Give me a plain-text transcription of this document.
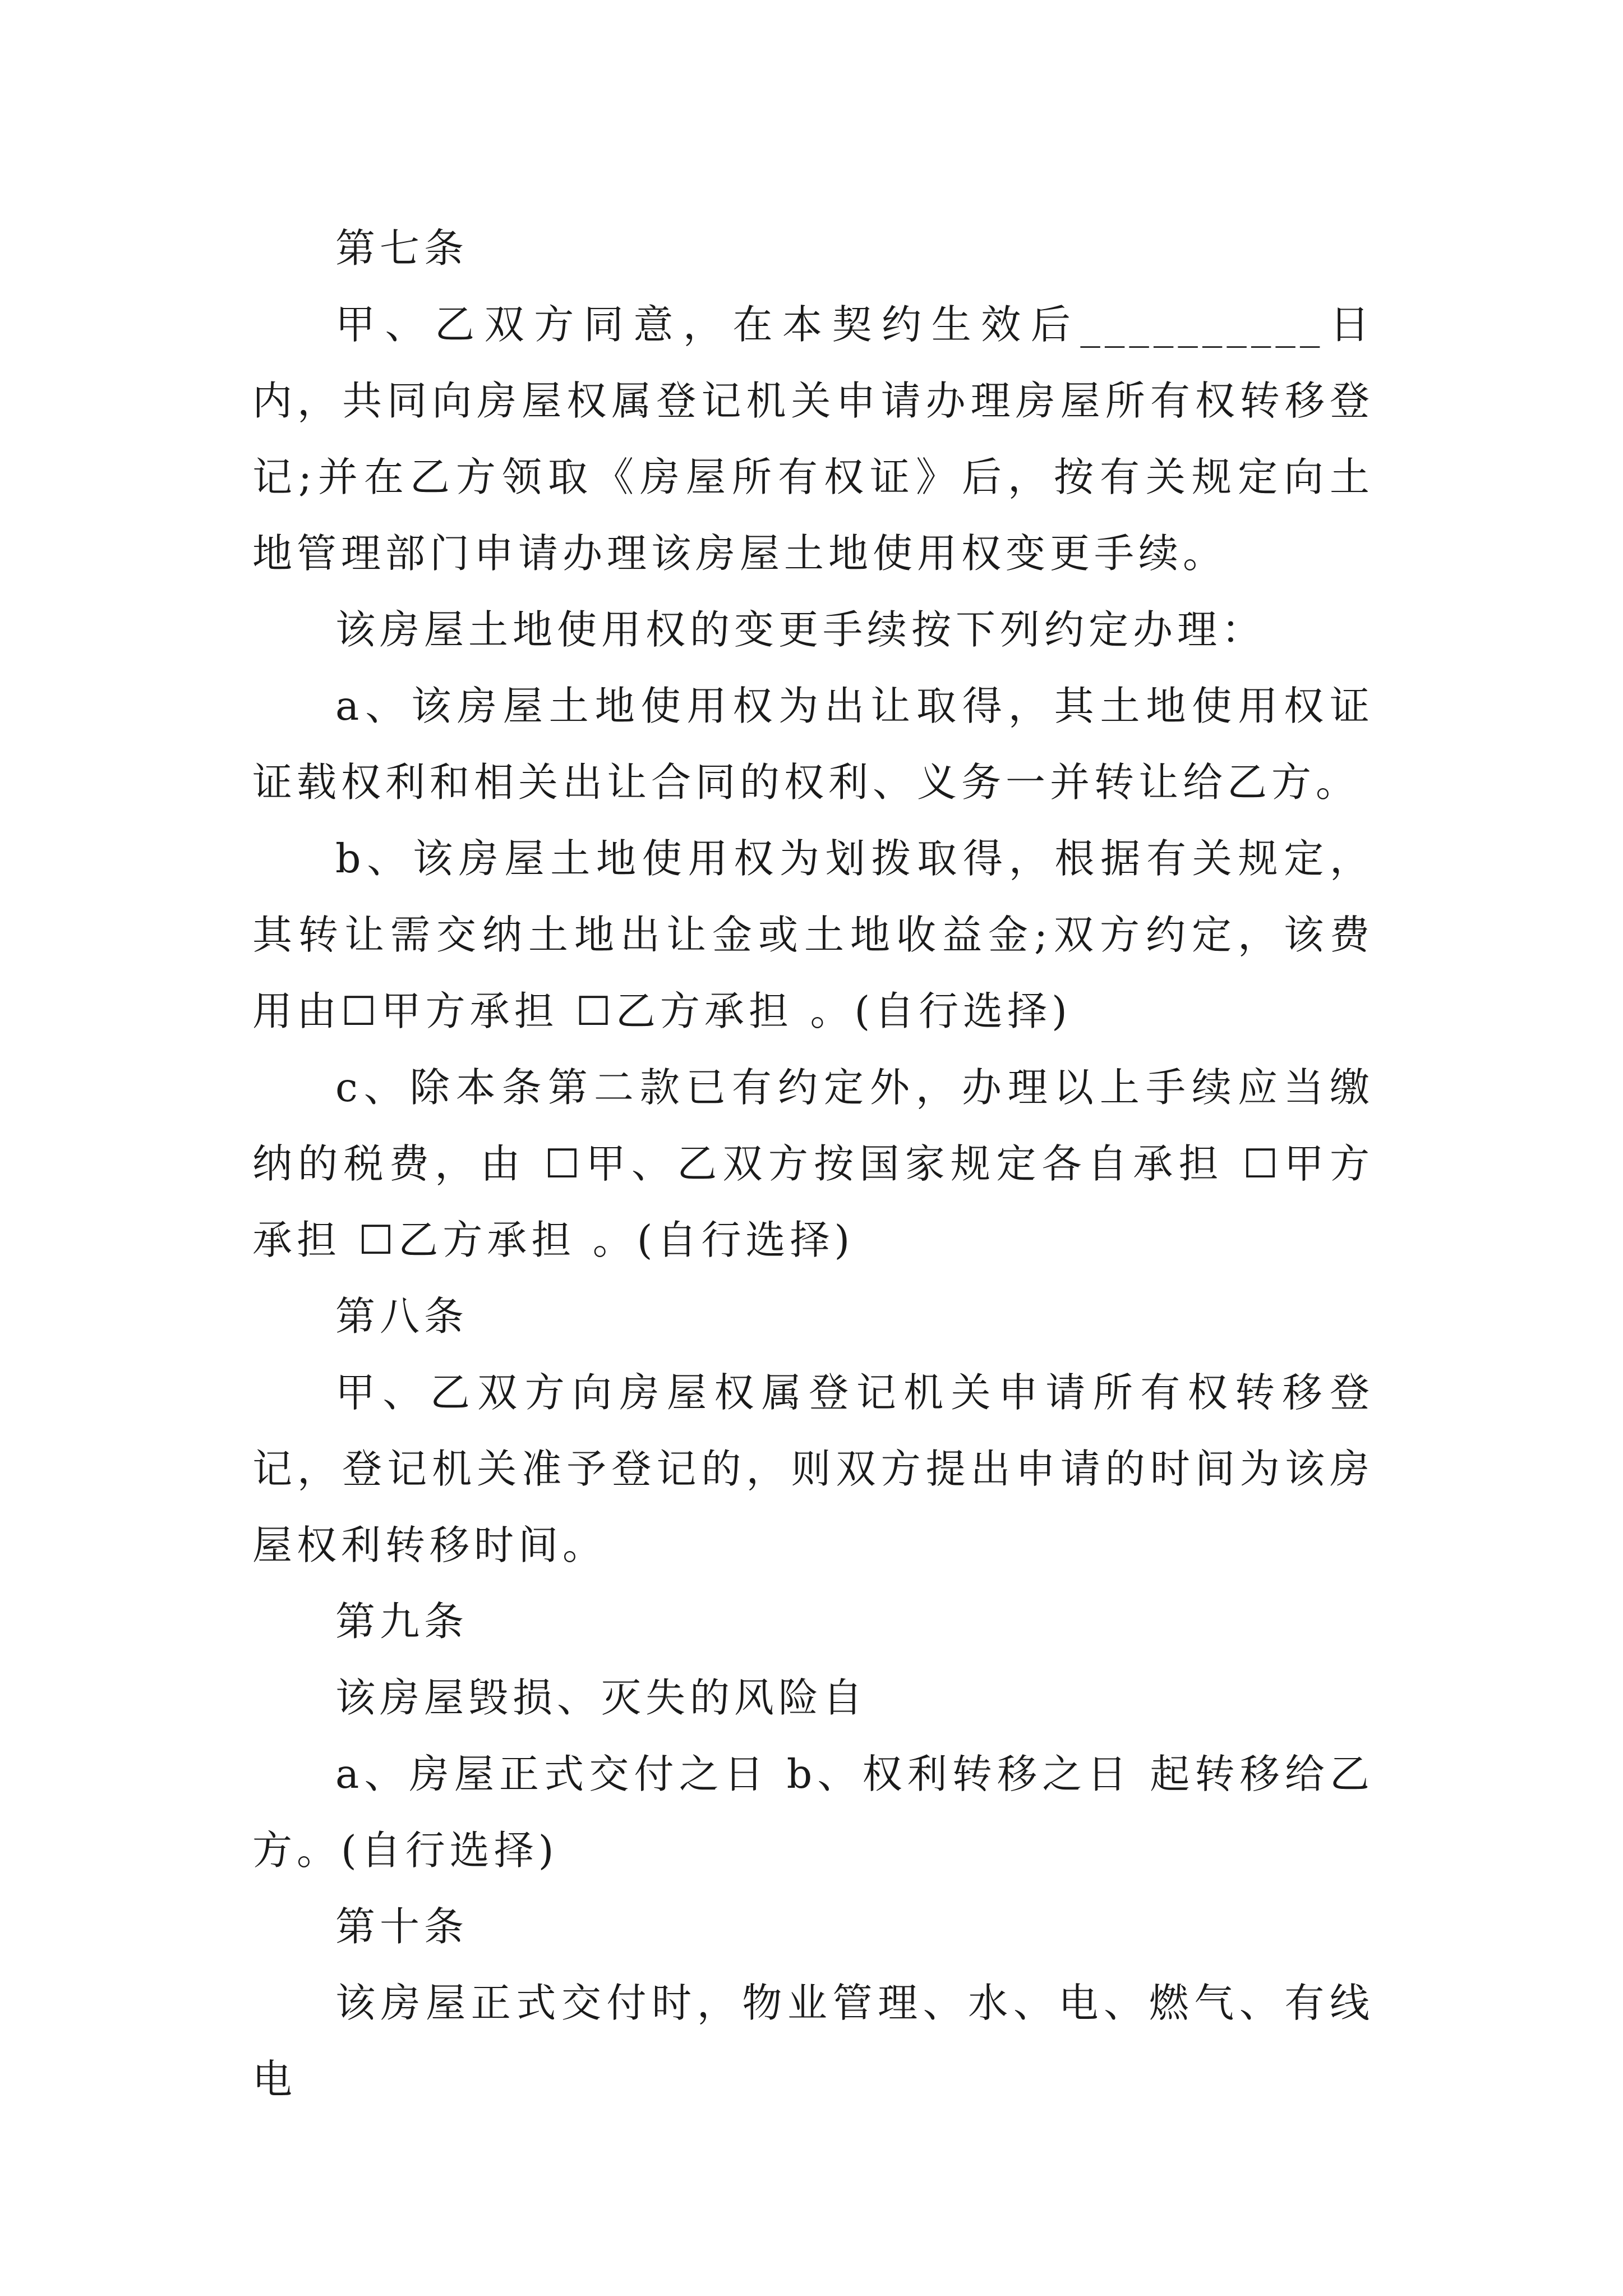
第七条

甲、乙双方同意，在本契约生效后__________日内，共同向房屋权属登记机关申请办理房屋所有权转移登记;并在乙方领取《房屋所有权证》后，按有关规定向土地管理部门申请办理该房屋土地使用权变更手续。

该房屋土地使用权的变更手续按下列约定办理：

a、该房屋土地使用权为出让取得，其土地使用权证证载权利和相关出让合同的权利、义务一并转让给乙方。

b、该房屋土地使用权为划拨取得，根据有关规定，其转让需交纳土地出让金或土地收益金;双方约定，该费用由☐甲方承担 ☐乙方承担 。(自行选择)

c、除本条第二款已有约定外，办理以上手续应当缴纳的税费，由 ☐甲、乙双方按国家规定各自承担 ☐甲方承担 ☐乙方承担 。(自行选择)

第八条

甲、乙双方向房屋权属登记机关申请所有权转移登记，登记机关准予登记的，则双方提出申请的时间为该房屋权利转移时间。

第九条

该房屋毁损、灭失的风险自

a、房屋正式交付之日 b、权利转移之日 起转移给乙方。(自行选择)

第十条

该房屋正式交付时，物业管理、水、电、燃气、有线电
